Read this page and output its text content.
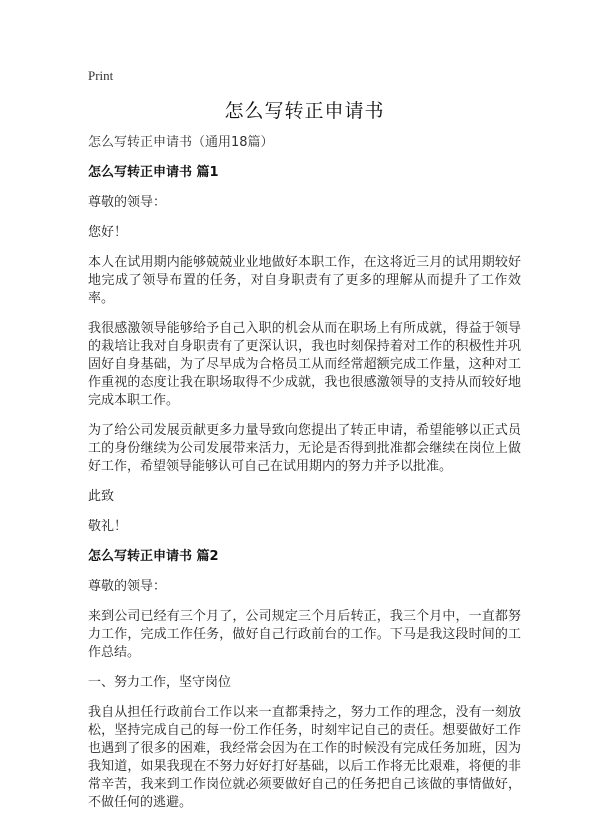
Print
怎么写转正申请书

怎么写转正申请书（通用18篇）

怎么写转正申请书 篇1

尊敬的领导：

您好！

本人在试用期内能够兢兢业业地做好本职工作，在这将近三月的试用期较好地完成了领导布置的任务，对自身职责有了更多的理解从而提升了工作效率。

我很感激领导能够给予自己入职的机会从而在职场上有所成就，得益于领导的栽培让我对自身职责有了更深认识，我也时刻保持着对工作的积极性并巩固好自身基础，为了尽早成为合格员工从而经常超额完成工作量，这种对工作重视的态度让我在职场取得不少成就，我也很感激领导的支持从而较好地完成本职工作。

为了给公司发展贡献更多力量导致向您提出了转正申请，希望能够以正式员工的身份继续为公司发展带来活力，无论是否得到批准都会继续在岗位上做好工作，希望领导能够认可自己在试用期内的努力并予以批准。

此致

敬礼！

怎么写转正申请书 篇2

尊敬的领导：

来到公司已经有三个月了，公司规定三个月后转正，我三个月中，一直都努力工作，完成工作任务，做好自己行政前台的工作。下马是我这段时间的工作总结。

一、努力工作，坚守岗位

我自从担任行政前台工作以来一直都秉持之，努力工作的理念，没有一刻放松，坚持完成自己的每一份工作任务，时刻牢记自己的责任。想要做好工作也遇到了很多的困难，我经常会因为在工作的时候没有完成任务加班，因为我知道，如果我现在不努力好好打好基础，以后工作将无比艰难，将便的非常辛苦，我来到工作岗位就必须要做好自己的任务把自己该做的事情做好，不做任何的逃避。
